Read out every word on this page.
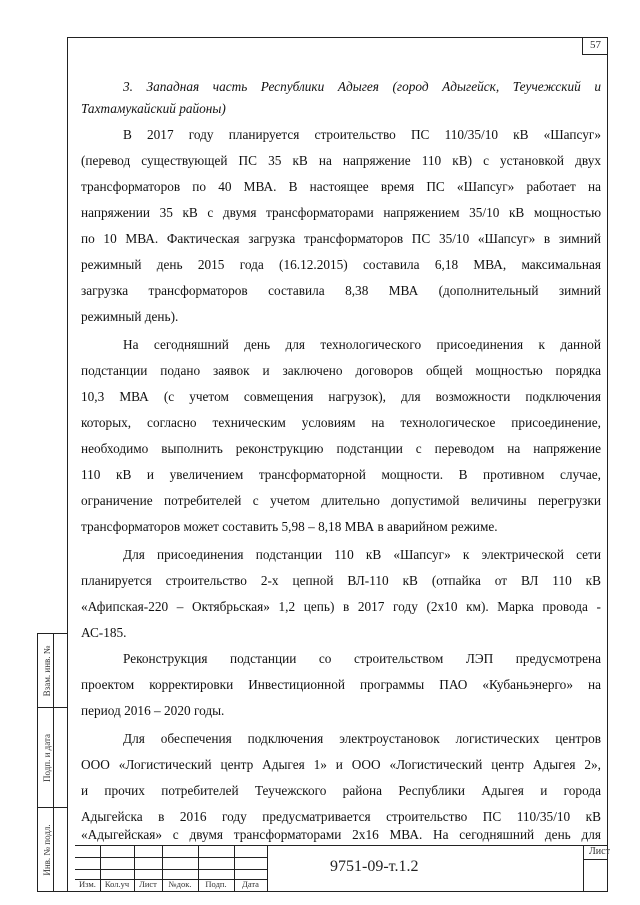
57
Взам. инв. №
Подп. и дата
Инв. № подл.
3. Западная часть Республики Адыгея (город Адыгейск, Теучежский и
Тахтамукайский районы)
В 2017 году планируется строительство ПС 110/35/10 кВ «Шапсуг»
(перевод существующей ПС 35 кВ на напряжение 110 кВ) с установкой двух
трансформаторов по 40 МВА. В настоящее время ПС «Шапсуг» работает на
напряжении 35 кВ с двумя трансформаторами напряжением 35/10 кВ мощностью
по 10 МВА. Фактическая загрузка трансформаторов ПС 35/10 «Шапсуг» в зимний
режимный день 2015 года (16.12.2015) составила 6,18 МВА, максимальная
загрузка трансформаторов составила 8,38 МВА (дополнительный зимний
режимный день).
На сегодняшний день для технологического присоединения к данной
подстанции подано заявок и заключено договоров общей мощностью порядка
10,3 МВА (с учетом совмещения нагрузок), для возможности подключения
которых, согласно техническим условиям на технологическое присоединение,
необходимо выполнить реконструкцию подстанции с переводом на напряжение
110 кВ и увеличением трансформаторной мощности. В противном случае,
ограничение потребителей с учетом длительно допустимой величины перегрузки
трансформаторов может составить 5,98 – 8,18 МВА в аварийном режиме.
Для присоединения подстанции 110 кВ «Шапсуг» к электрической сети
планируется строительство 2-х цепной ВЛ-110 кВ (отпайка от ВЛ 110 кВ
«Афипская-220 – Октябрьская» 1,2 цепь) в 2017 году (2х10 км). Марка провода -
АС-185.
Реконструкция подстанции со строительством ЛЭП предусмотрена
проектом корректировки Инвестиционной программы ПАО «Кубаньэнерго» на
период 2016 – 2020 годы.
Для обеспечения подключения электроустановок логистических центров
ООО «Логистический центр Адыгея 1» и ООО «Логистический центр Адыгея 2»,
и прочих потребителей Теучежского района Республики Адыгея и города
Адыгейска в 2016 году предусматривается строительство ПС 110/35/10 кВ
«Адыгейская» с двумя трансформаторами 2х16 МВА. На сегодняшний день для
Изм.	Кол.уч	Лист	№док.	Подп.	Дата
9751-09-т.1.2
Лист
